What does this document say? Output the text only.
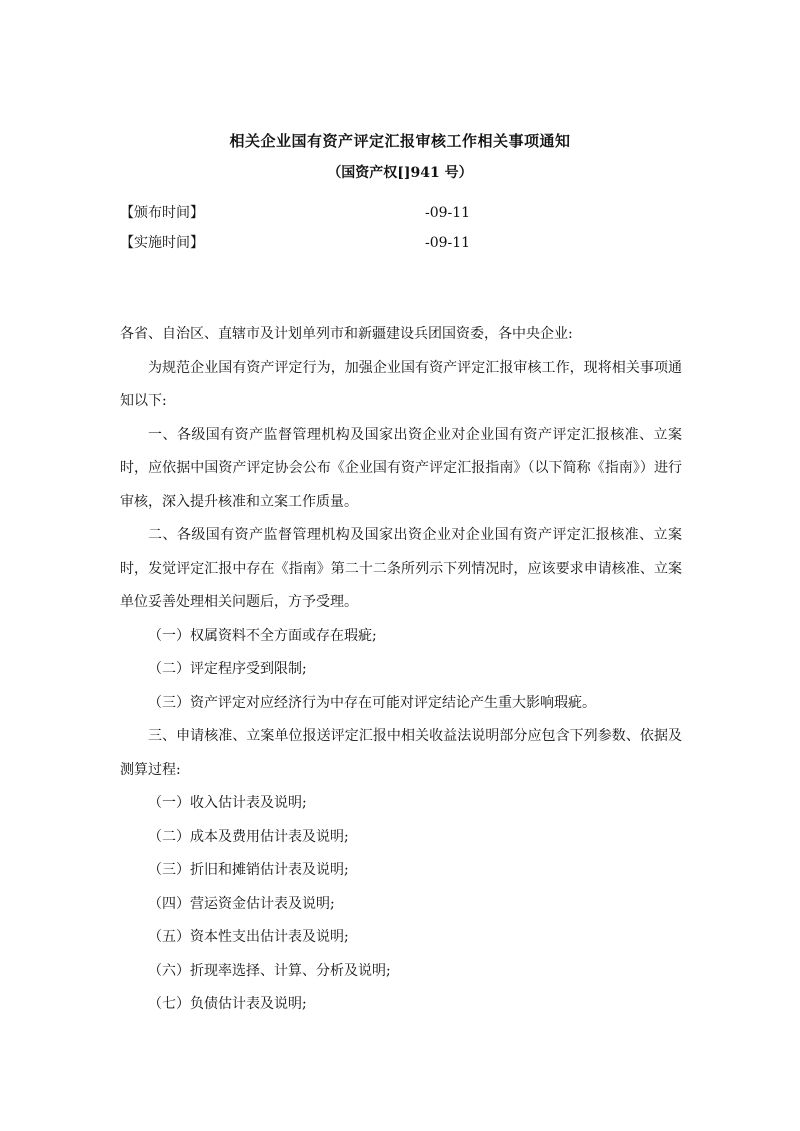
相关企业国有资产评定汇报审核工作相关事项通知
（国资产权[]941 号）
【颁布时间】	-09-11
【实施时间】	-09-11

各省、自治区、直辖市及计划单列市和新疆建设兵团国资委，各中央企业:

为规范企业国有资产评定行为，加强企业国有资产评定汇报审核工作，现将相关事项通知以下:

一、各级国有资产监督管理机构及国家出资企业对企业国有资产评定汇报核准、立案时，应依据中国资产评定协会公布《企业国有资产评定汇报指南》（以下简称《指南》）进行审核，深入提升核准和立案工作质量。

二、各级国有资产监督管理机构及国家出资企业对企业国有资产评定汇报核准、立案时，发觉评定汇报中存在《指南》第二十二条所列示下列情况时，应该要求申请核准、立案单位妥善处理相关问题后，方予受理。

（一）权属资料不全方面或存在瑕疵;

（二）评定程序受到限制;

（三）资产评定对应经济行为中存在可能对评定结论产生重大影响瑕疵。

三、申请核准、立案单位报送评定汇报中相关收益法说明部分应包含下列参数、依据及测算过程:

（一）收入估计表及说明;

（二）成本及费用估计表及说明;

（三）折旧和摊销估计表及说明;

（四）营运资金估计表及说明;

（五）资本性支出估计表及说明;

（六）折现率选择、计算、分析及说明;

（七）负债估计表及说明;
